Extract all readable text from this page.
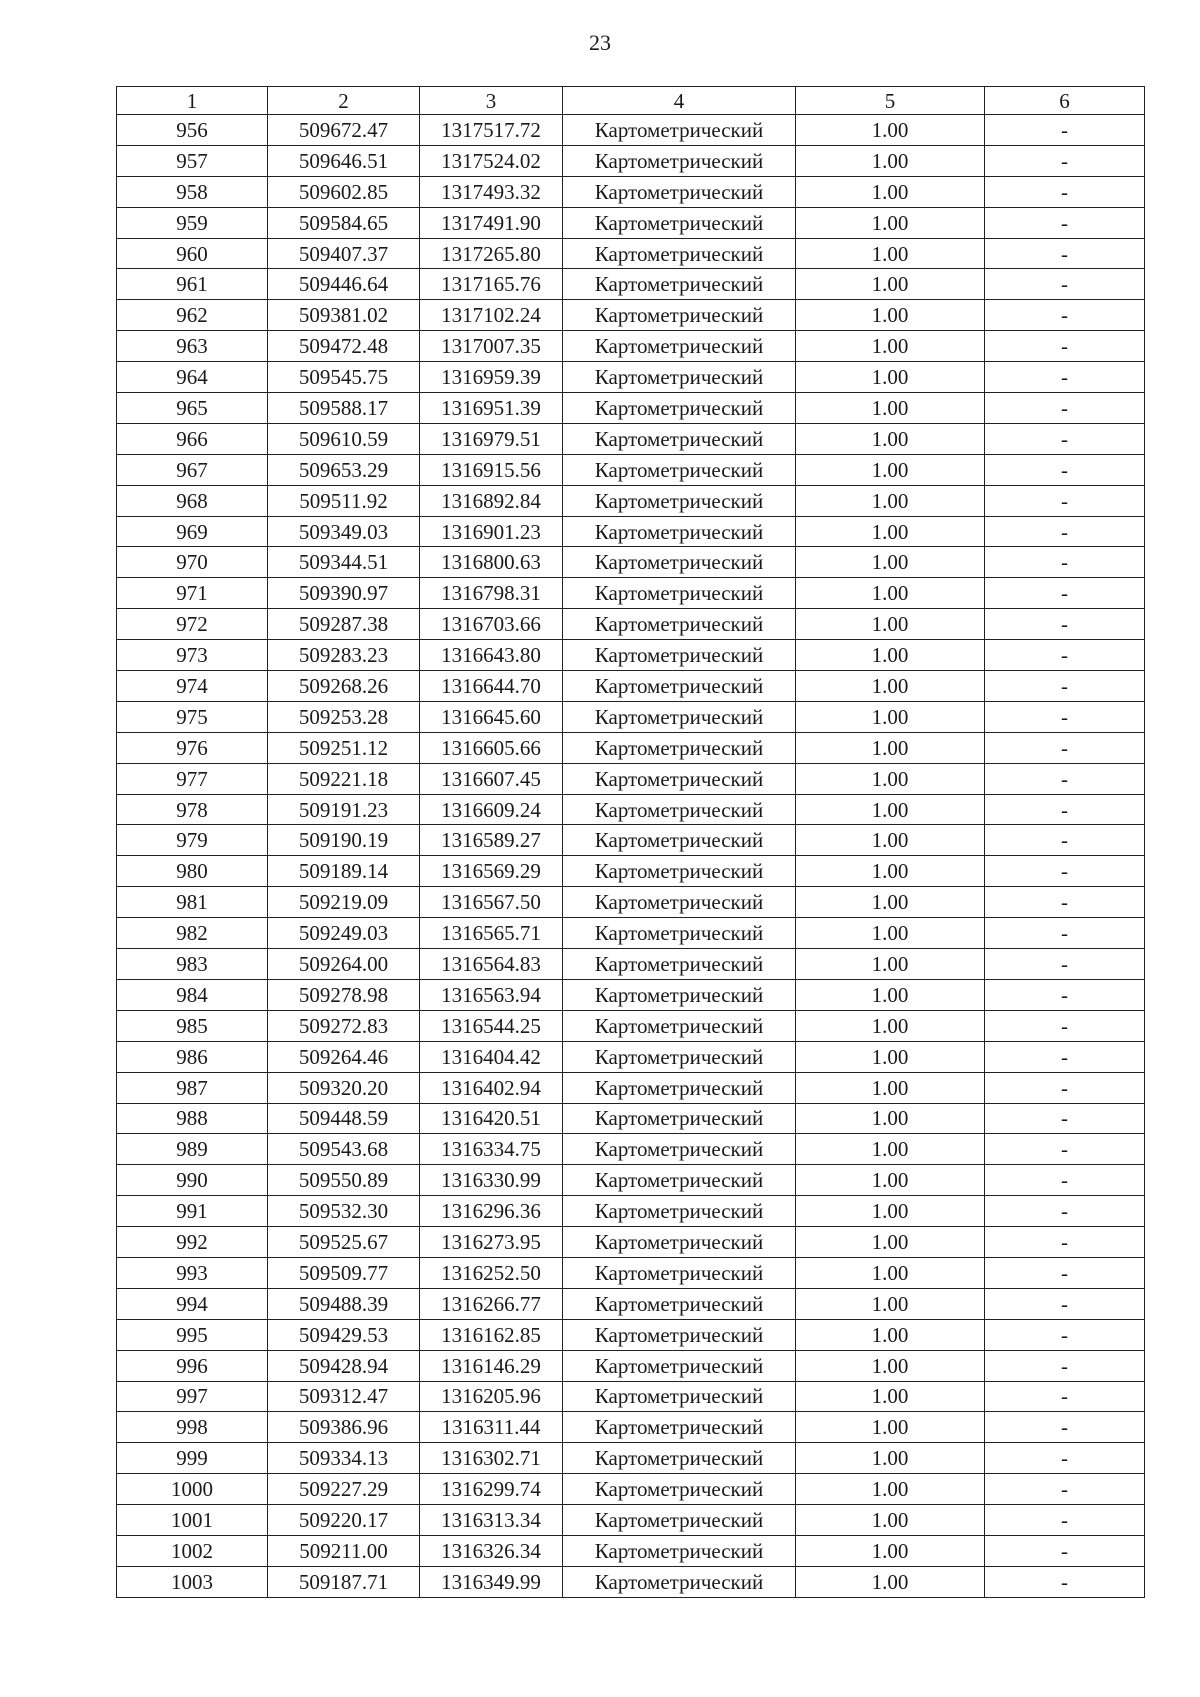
23
1	2	3	4	5	6
956	509672.47	1317517.72	Картометрический	1.00	-
957	509646.51	1317524.02	Картометрический	1.00	-
958	509602.85	1317493.32	Картометрический	1.00	-
959	509584.65	1317491.90	Картометрический	1.00	-
960	509407.37	1317265.80	Картометрический	1.00	-
961	509446.64	1317165.76	Картометрический	1.00	-
962	509381.02	1317102.24	Картометрический	1.00	-
963	509472.48	1317007.35	Картометрический	1.00	-
964	509545.75	1316959.39	Картометрический	1.00	-
965	509588.17	1316951.39	Картометрический	1.00	-
966	509610.59	1316979.51	Картометрический	1.00	-
967	509653.29	1316915.56	Картометрический	1.00	-
968	509511.92	1316892.84	Картометрический	1.00	-
969	509349.03	1316901.23	Картометрический	1.00	-
970	509344.51	1316800.63	Картометрический	1.00	-
971	509390.97	1316798.31	Картометрический	1.00	-
972	509287.38	1316703.66	Картометрический	1.00	-
973	509283.23	1316643.80	Картометрический	1.00	-
974	509268.26	1316644.70	Картометрический	1.00	-
975	509253.28	1316645.60	Картометрический	1.00	-
976	509251.12	1316605.66	Картометрический	1.00	-
977	509221.18	1316607.45	Картометрический	1.00	-
978	509191.23	1316609.24	Картометрический	1.00	-
979	509190.19	1316589.27	Картометрический	1.00	-
980	509189.14	1316569.29	Картометрический	1.00	-
981	509219.09	1316567.50	Картометрический	1.00	-
982	509249.03	1316565.71	Картометрический	1.00	-
983	509264.00	1316564.83	Картометрический	1.00	-
984	509278.98	1316563.94	Картометрический	1.00	-
985	509272.83	1316544.25	Картометрический	1.00	-
986	509264.46	1316404.42	Картометрический	1.00	-
987	509320.20	1316402.94	Картометрический	1.00	-
988	509448.59	1316420.51	Картометрический	1.00	-
989	509543.68	1316334.75	Картометрический	1.00	-
990	509550.89	1316330.99	Картометрический	1.00	-
991	509532.30	1316296.36	Картометрический	1.00	-
992	509525.67	1316273.95	Картометрический	1.00	-
993	509509.77	1316252.50	Картометрический	1.00	-
994	509488.39	1316266.77	Картометрический	1.00	-
995	509429.53	1316162.85	Картометрический	1.00	-
996	509428.94	1316146.29	Картометрический	1.00	-
997	509312.47	1316205.96	Картометрический	1.00	-
998	509386.96	1316311.44	Картометрический	1.00	-
999	509334.13	1316302.71	Картометрический	1.00	-
1000	509227.29	1316299.74	Картометрический	1.00	-
1001	509220.17	1316313.34	Картометрический	1.00	-
1002	509211.00	1316326.34	Картометрический	1.00	-
1003	509187.71	1316349.99	Картометрический	1.00	-
